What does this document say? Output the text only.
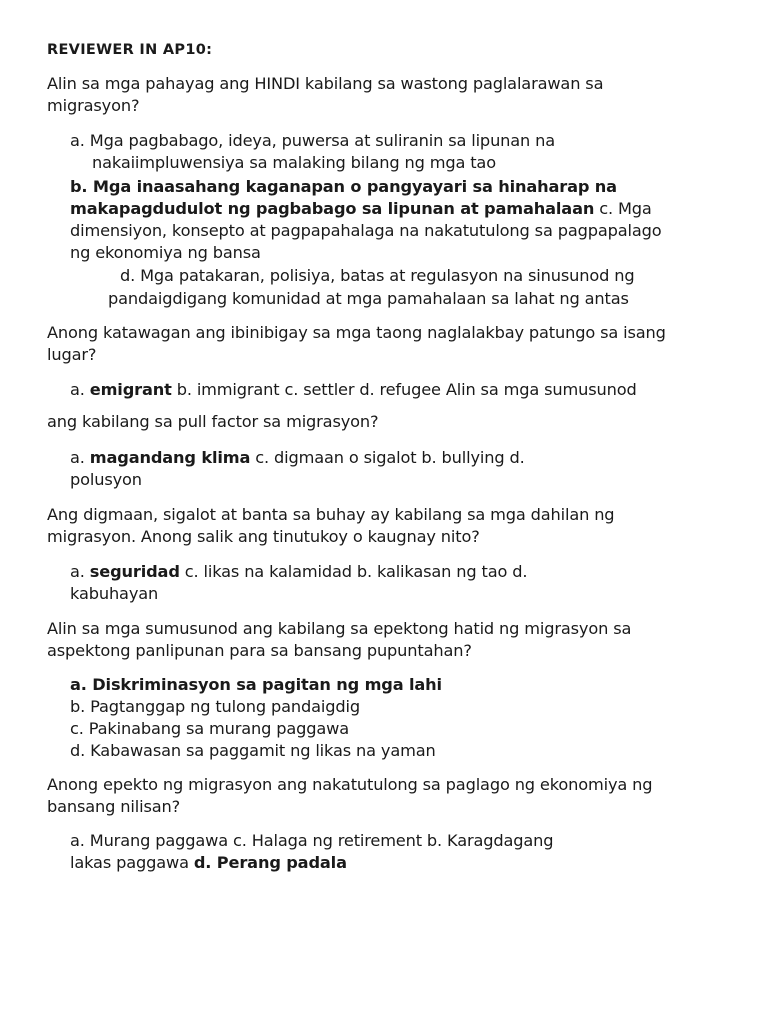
REVIEWER IN AP10:
Alin sa mga pahayag ang HINDI kabilang sa wastong paglalarawan sa
migrasyon?
a. Mga pagbabago, ideya, puwersa at suliranin sa lipunan na
nakaiimpluwensiya sa malaking bilang ng mga tao
b. Mga inaasahang kaganapan o pangyayari sa hinaharap na
makapagdudulot ng pagbabago sa lipunan at pamahalaan c. Mga
dimensiyon, konsepto at pagpapahalaga na nakatutulong sa pagpapalago
ng ekonomiya ng bansa
d. Mga patakaran, polisiya, batas at regulasyon na sinusunod ng
pandaigdigang komunidad at mga pamahalaan sa lahat ng antas
Anong katawagan ang ibinibigay sa mga taong naglalakbay patungo sa isang
lugar?
a. emigrant b. immigrant c. settler d. refugee Alin sa mga sumusunod
ang kabilang sa pull factor sa migrasyon?
a. magandang klima c. digmaan o sigalot b. bullying d.
polusyon
Ang digmaan, sigalot at banta sa buhay ay kabilang sa mga dahilan ng
migrasyon. Anong salik ang tinutukoy o kaugnay nito?
a. seguridad c. likas na kalamidad b. kalikasan ng tao d.
kabuhayan
Alin sa mga sumusunod ang kabilang sa epektong hatid ng migrasyon sa
aspektong panlipunan para sa bansang pupuntahan?
a. Diskriminasyon sa pagitan ng mga lahi
b. Pagtanggap ng tulong pandaigdig
c. Pakinabang sa murang paggawa
d. Kabawasan sa paggamit ng likas na yaman
Anong epekto ng migrasyon ang nakatutulong sa paglago ng ekonomiya ng
bansang nilisan?
a. Murang paggawa c. Halaga ng retirement b. Karagdagang
lakas paggawa d. Perang padala
